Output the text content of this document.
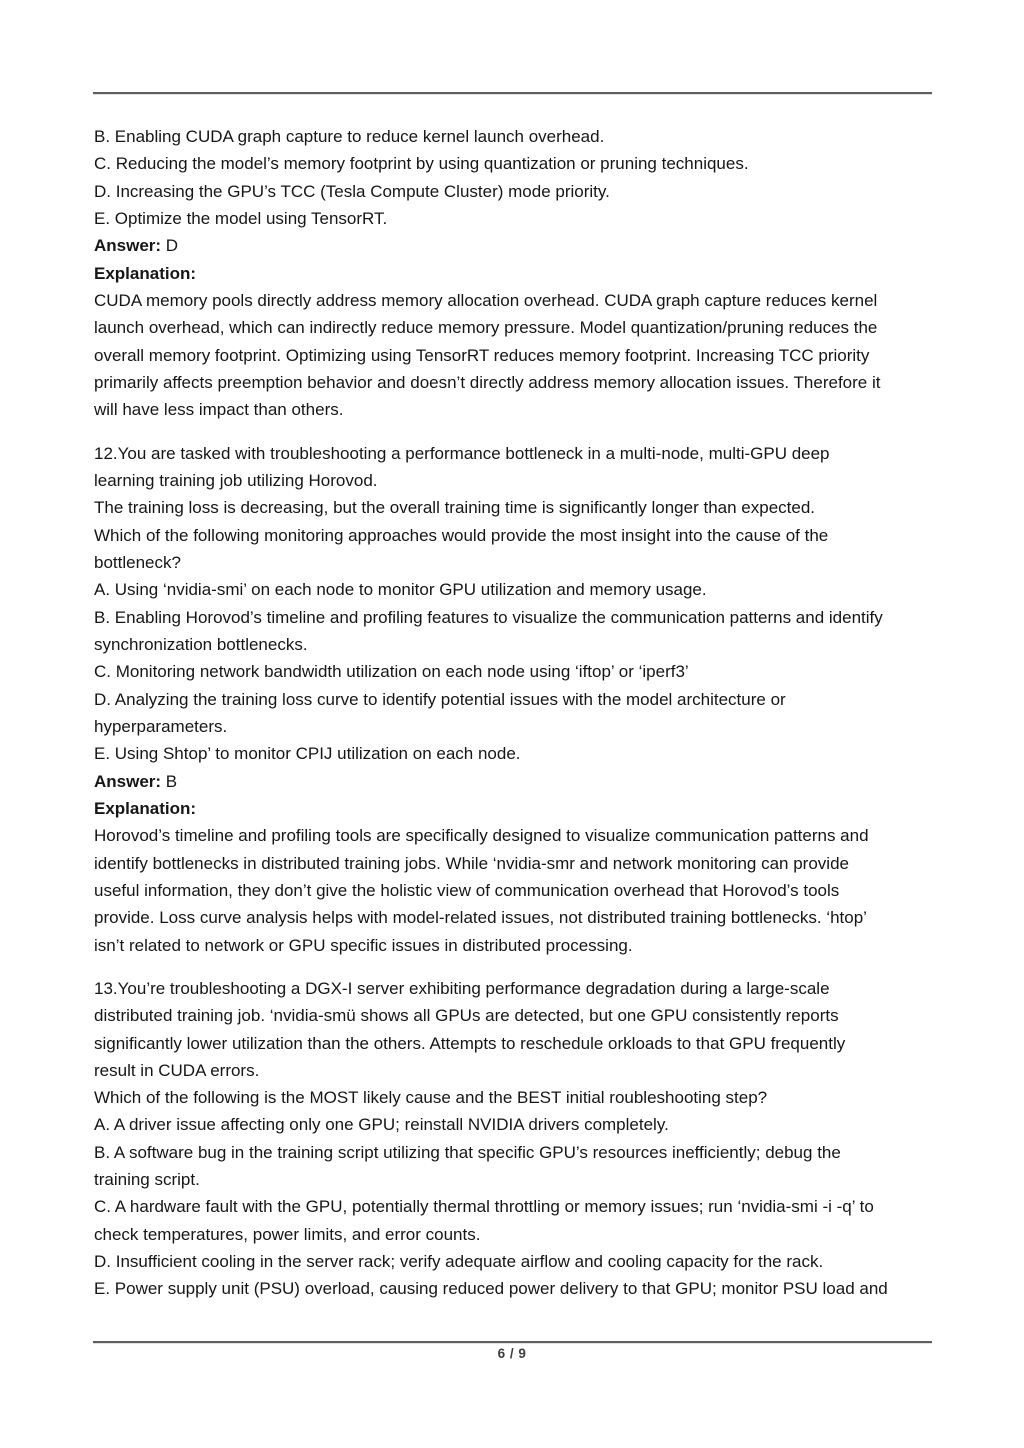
B. Enabling CUDA graph capture to reduce kernel launch overhead.
C. Reducing the model’s memory footprint by using quantization or pruning techniques.
D. Increasing the GPU’s TCC (Tesla Compute Cluster) mode priority.
E. Optimize the model using TensorRT.
Answer: D
Explanation:
CUDA memory pools directly address memory allocation overhead. CUDA graph capture reduces kernel
launch overhead, which can indirectly reduce memory pressure. Model quantization/pruning reduces the
overall memory footprint. Optimizing using TensorRT reduces memory footprint. Increasing TCC priority
primarily affects preemption behavior and doesn’t directly address memory allocation issues. Therefore it
will have less impact than others.
12.You are tasked with troubleshooting a performance bottleneck in a multi-node, multi-GPU deep
learning training job utilizing Horovod.
The training loss is decreasing, but the overall training time is significantly longer than expected.
Which of the following monitoring approaches would provide the most insight into the cause of the
bottleneck?
A. Using ‘nvidia-smi’ on each node to monitor GPU utilization and memory usage.
B. Enabling Horovod’s timeline and profiling features to visualize the communication patterns and identify
synchronization bottlenecks.
C. Monitoring network bandwidth utilization on each node using ‘iftop’ or ‘iperf3’
D. Analyzing the training loss curve to identify potential issues with the model architecture or
hyperparameters.
E. Using Shtop’ to monitor CPIJ utilization on each node.
Answer: B
Explanation:
Horovod’s timeline and profiling tools are specifically designed to visualize communication patterns and
identify bottlenecks in distributed training jobs. While ‘nvidia-smr and network monitoring can provide
useful information, they don’t give the holistic view of communication overhead that Horovod’s tools
provide. Loss curve analysis helps with model-related issues, not distributed training bottlenecks. ‘htop’
isn’t related to network or GPU specific issues in distributed processing.
13.You’re troubleshooting a DGX-I server exhibiting performance degradation during a large-scale
distributed training job. ‘nvidia-smü shows all GPUs are detected, but one GPU consistently reports
significantly lower utilization than the others. Attempts to reschedule orkloads to that GPU frequently
result in CUDA errors.
Which of the following is the MOST likely cause and the BEST initial roubleshooting step?
A. A driver issue affecting only one GPU; reinstall NVIDIA drivers completely.
B. A software bug in the training script utilizing that specific GPU’s resources inefficiently; debug the
training script.
C. A hardware fault with the GPU, potentially thermal throttling or memory issues; run ‘nvidia-smi -i -q’ to
check temperatures, power limits, and error counts.
D. Insufficient cooling in the server rack; verify adequate airflow and cooling capacity for the rack.
E. Power supply unit (PSU) overload, causing reduced power delivery to that GPU; monitor PSU load and
6 / 9
